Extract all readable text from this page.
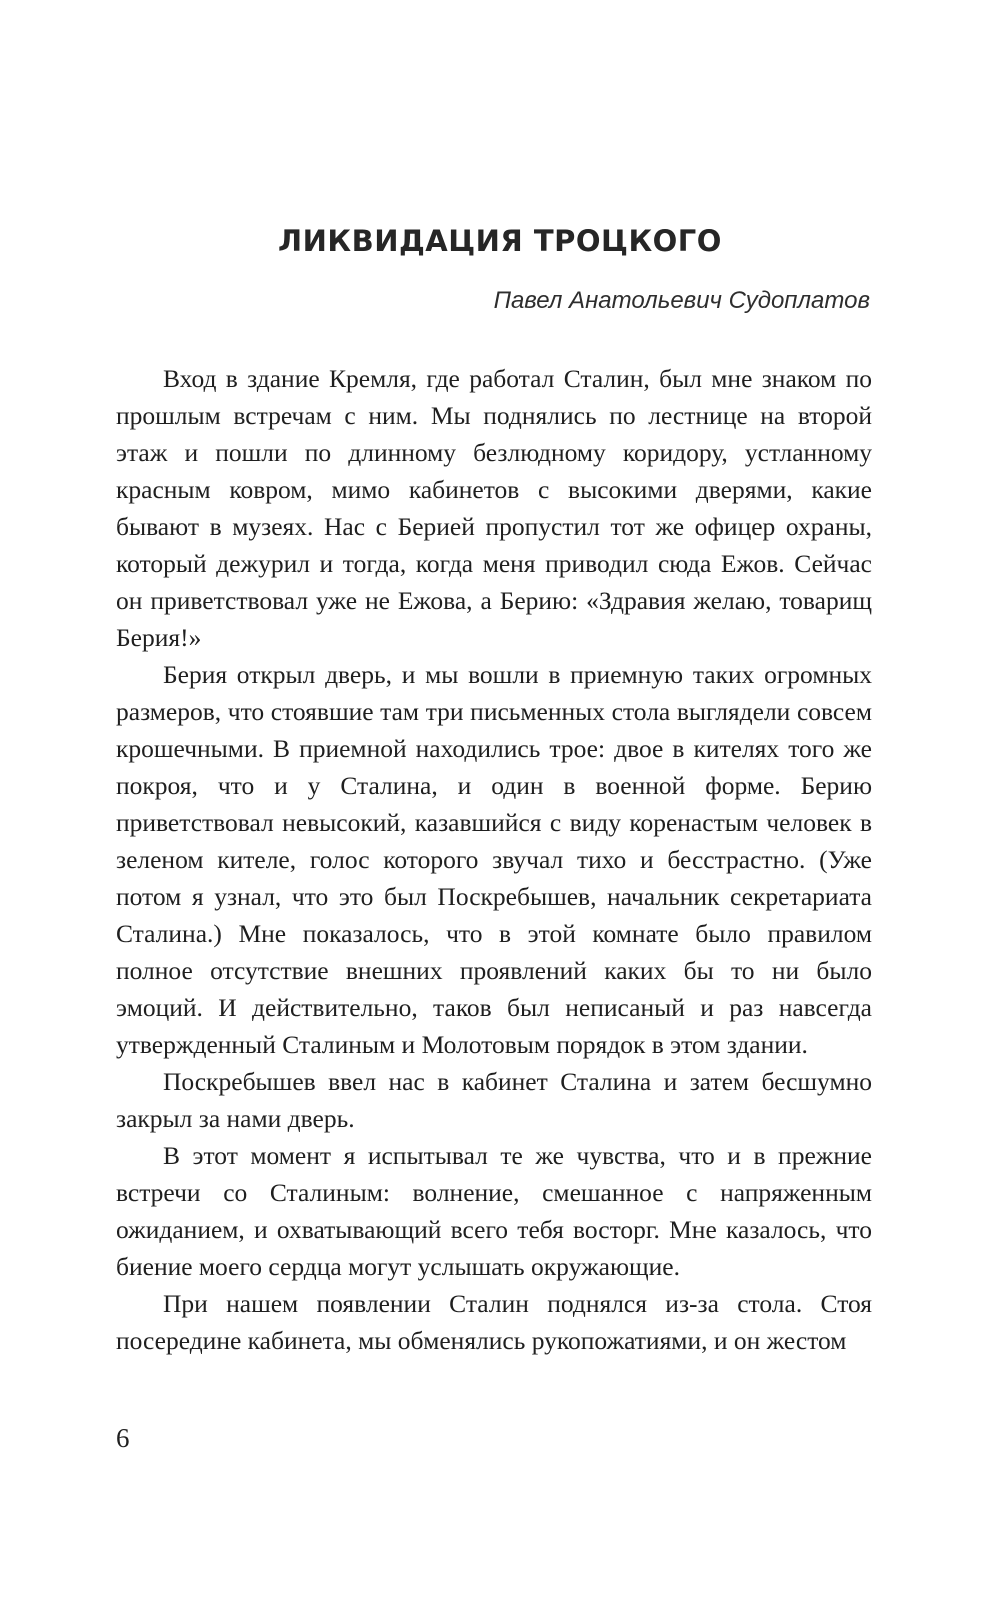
ЛИКВИДАЦИЯ ТРОЦКОГО
Павел Анатольевич Судоплатов

Вход в здание Кремля, где работал Сталин, был мне знаком по прошлым встречам с ним. Мы поднялись по лестнице на второй этаж и пошли по длинному безлюдному коридору, устланному красным ковром, мимо кабинетов с высокими дверями, какие бывают в музеях. Нас с Берией пропустил тот же офицер охраны, который дежурил и тогда, когда меня приводил сюда Ежов. Сейчас он приветствовал уже не Ежова, а Берию: «Здравия желаю, товарищ Берия!»

Берия открыл дверь, и мы вошли в приемную таких огромных размеров, что стоявшие там три письменных стола выглядели совсем крошечными. В приемной находились трое: двое в кителях того же покроя, что и у Сталина, и один в военной форме. Берию приветствовал невысокий, казавшийся с виду коренастым человек в зеленом кителе, голос которого звучал тихо и бесстрастно. (Уже потом я узнал, что это был Поскребышев, начальник секретариата Сталина.) Мне показалось, что в этой комнате было правилом полное отсутствие внешних проявлений каких бы то ни было эмоций. И действительно, таков был неписаный и раз навсегда утвержденный Сталиным и Молотовым порядок в этом здании.

Поскребышев ввел нас в кабинет Сталина и затем бесшумно закрыл за нами дверь.

В этот момент я испытывал те же чувства, что и в прежние встречи со Сталиным: волнение, смешанное с напряженным ожиданием, и охватывающий всего тебя восторг. Мне казалось, что биение моего сердца могут услышать окружающие.

При нашем появлении Сталин поднялся из-за стола. Стоя посередине кабинета, мы обменялись рукопожатиями, и он жестом

6
